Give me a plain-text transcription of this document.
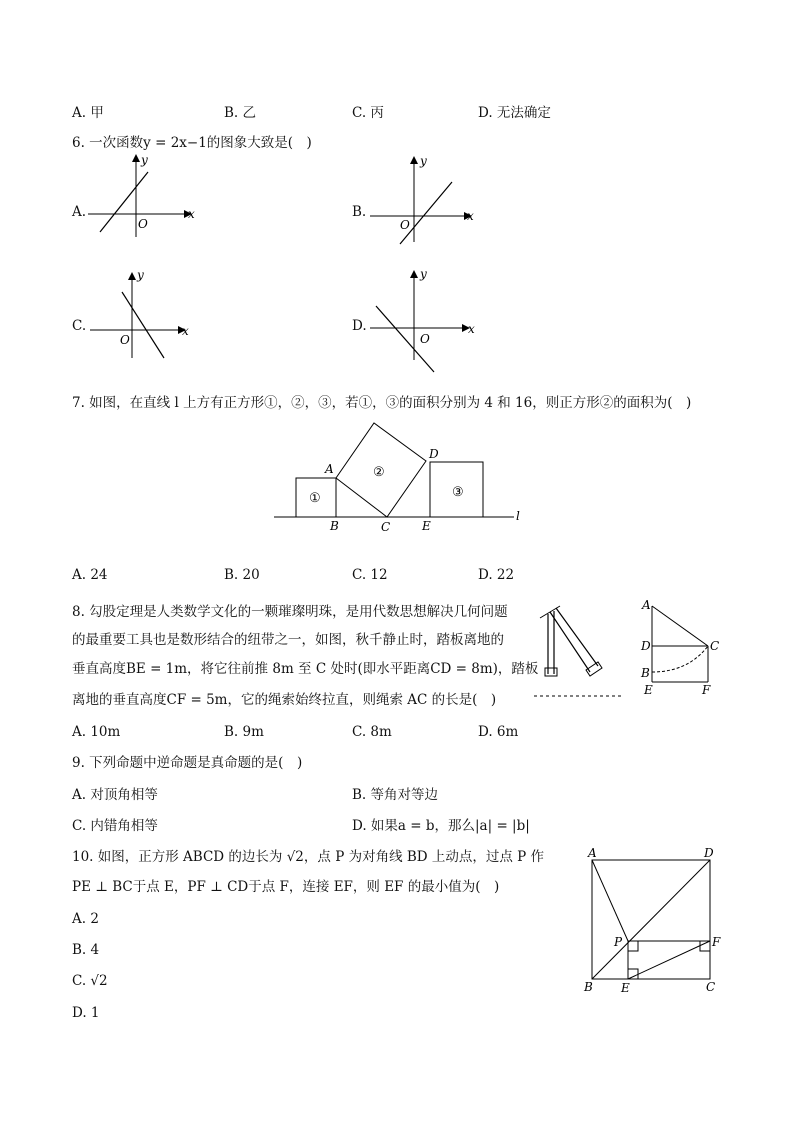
A. 甲	B. 乙	C. 丙	D. 无法确定
6. 一次函数y = 2x−1的图象大致是(　)
A.	x
y
O
B.	x
y
O
C.	x
y
O
D.	x
y
O
7. 如图，在直线 l 上方有正方形①，②，③，若①，③的面积分别为 4 和 16，则正方形②的面积为(　)
①
②
③
A
B	C
D
E
l
A. 24	B. 20	C. 12	D. 22
8. 勾股定理是人类数学文化的一颗璀璨明珠，是用代数思想解决几何问题
的最重要工具也是数形结合的纽带之一，如图，秋千静止时，踏板离地的
垂直高度BE = 1m，将它往前推 8m 至 C 处时(即水平距离CD = 8m)，踏板
离地的垂直高度CF = 5m，它的绳索始终拉直，则绳索 AC 的长是(　)
A
D	C
B
E	F
A. 10m	B. 9m	C. 8m	D. 6m
9. 下列命题中逆命题是真命题的是(　)
A. 对顶角相等	B. 等角对等边
C. 内错角相等	D. 如果a = b，那么|a| = |b|
10. 如图，正方形 ABCD 的边长为 √2，点 P 为对角线 BD 上动点，过点 P 作
PE ⊥ BC于点 E，PF ⊥ CD于点 F，连接 EF，则 EF 的最小值为(　)
A. 2
B. 4
C. √2
D. 1
A	D
B	C
E
F
P
